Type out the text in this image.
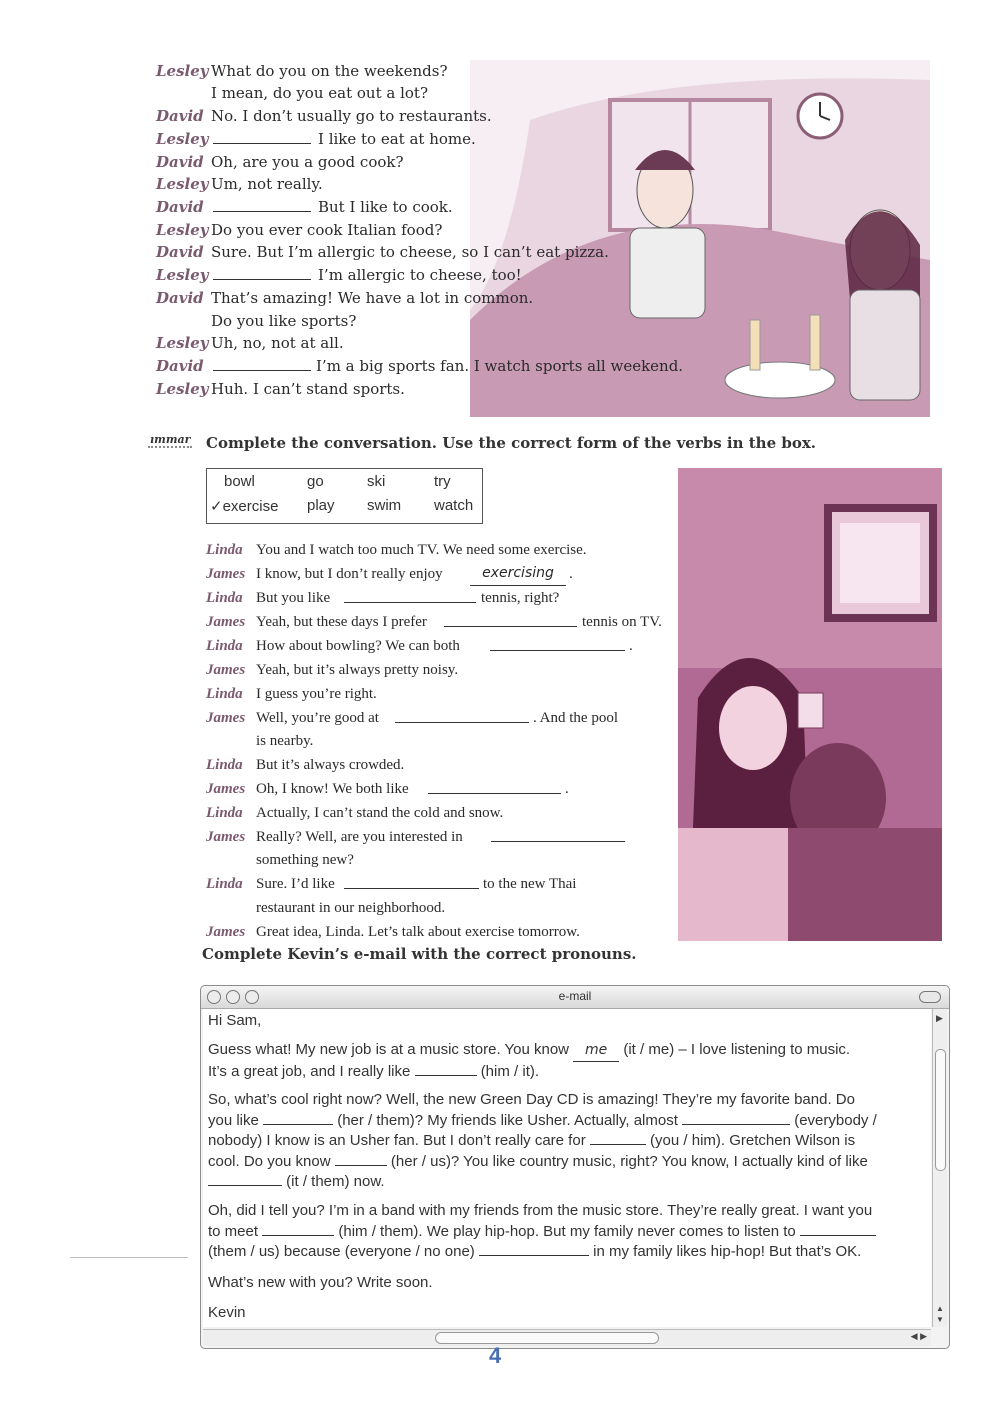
Lesley What do you on the weekends?
I mean, do you eat out a lot?
David No. I don’t usually go to restaurants.
Lesley	I like to eat at home.
David Oh, are you a good cook?
Lesley Um, not really.
David	But I like to cook.
Lesley Do you ever cook Italian food?
David Sure. But I’m allergic to cheese, so I can’t eat pizza.
Lesley	I’m allergic to cheese, too!
David That’s amazing! We have a lot in common.
Do you like sports?
Lesley Uh, no, not at all.
David	I’m a big sports fan. I watch sports all weekend.
Lesley Huh. I can’t stand sports.
ımmar Complete the conversation. Use the correct form of the verbs in the box.
bowl	go	ski	try
✓exercise play swim watch
Linda You and I watch too much TV. We need some exercise.
James I know, but I don’t really enjoy	exercising	.
Linda But you like	tennis, right?
James Yeah, but these days I prefer	tennis on TV.
Linda How about bowling? We can both	.
James Yeah, but it’s always pretty noisy.
Linda I guess you’re right.
James Well, you’re good at	. And the pool
is nearby.
Linda But it’s always crowded.
James Oh, I know! We both like	.
Linda Actually, I can’t stand the cold and snow.
James Really? Well, are you interested in
something new?
Linda Sure. I’d like	to the new Thai
restaurant in our neighborhood.
James Great idea, Linda. Let’s talk about exercise tomorrow.
Complete Kevin’s e-mail with the correct pronouns.
e-mail
Hi Sam,
Guess what! My new job is at a music store. You know me (it / me) – I love listening to music.
It’s a great job, and I really like	(him / it).
So, what’s cool right now? Well, the new Green Day CD is amazing! They’re my favorite band. Do
you like	(her / them)? My friends like Usher. Actually, almost	(everybody /
nobody) I know is an Usher fan. But I don’t really care for	(you / him). Gretchen Wilson is
cool. Do you know	(her / us)? You like country music, right? You know, I actually kind of like
(it / them) now.
Oh, did I tell you? I’m in a band with my friends from the music store. They’re really great. I want you
to meet	(him / them). We play hip-hop. But my family never comes to listen to
(them / us) because (everyone / no one)	in my family likes hip-hop! But that’s OK.
What’s new with you? Write soon.
Kevin
▶
▲
▼
◀ ▶
4
